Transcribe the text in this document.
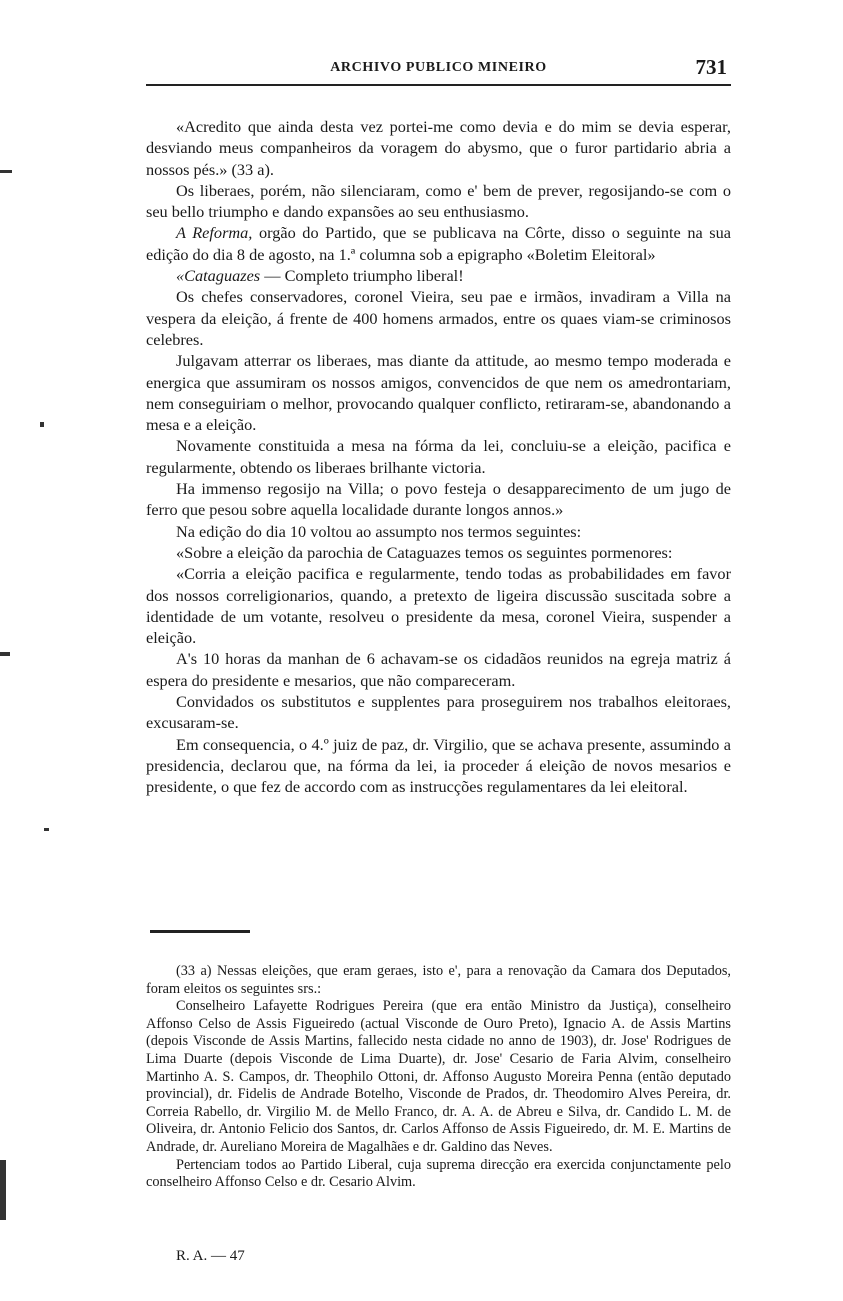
ARCHIVO PUBLICO MINEIRO	731

«Acredito que ainda desta vez portei-me como devia e do mim se devia esperar, desviando meus companheiros da voragem do abysmo, que o furor partidario abria a nossos pés.» (33 a).

Os liberaes, porém, não silenciaram, como e' bem de prever, regosijando-se com o seu bello triumpho e dando expansões ao seu enthusiasmo.

A Reforma, orgão do Partido, que se publicava na Côrte, disso o seguinte na sua edição do dia 8 de agosto, na 1.ª columna sob a epigrapho «Boletim Eleitoral»

«Cataguazes — Completo triumpho liberal!

Os chefes conservadores, coronel Vieira, seu pae e irmãos, invadiram a Villa na vespera da eleição, á frente de 400 homens armados, entre os quaes viam-se criminosos celebres.

Julgavam atterrar os liberaes, mas diante da attitude, ao mesmo tempo moderada e energica que assumiram os nossos amigos, convencidos de que nem os amedrontariam, nem conseguiriam o melhor, provocando qualquer conflicto, retiraram-se, abandonando a mesa e a eleição.

Novamente constituida a mesa na fórma da lei, concluiu-se a eleição, pacifica e regularmente, obtendo os liberaes brilhante victoria.

Ha immenso regosijo na Villa; o povo festeja o desapparecimento de um jugo de ferro que pesou sobre aquella localidade durante longos annos.»

Na edição do dia 10 voltou ao assumpto nos termos seguintes:

«Sobre a eleição da parochia de Cataguazes temos os seguintes pormenores:

«Corria a eleição pacifica e regularmente, tendo todas as probabilidades em favor dos nossos correligionarios, quando, a pretexto de ligeira discussão suscitada sobre a identidade de um votante, resolveu o presidente da mesa, coronel Vieira, suspender a eleição.

A's 10 horas da manhan de 6 achavam-se os cidadãos reunidos na egreja matriz á espera do presidente e mesarios, que não compareceram.

Convidados os substitutos e supplentes para proseguirem nos trabalhos eleitoraes, excusaram-se.

Em consequencia, o 4.º juiz de paz, dr. Virgilio, que se achava presente, assumindo a presidencia, declarou que, na fórma da lei, ia proceder á eleição de novos mesarios e presidente, o que fez de accordo com as instrucções regulamentares da lei eleitoral.

(33 a) Nessas eleições, que eram geraes, isto e', para a renovação da Camara dos Deputados, foram eleitos os seguintes srs.:

Conselheiro Lafayette Rodrigues Pereira (que era então Ministro da Justiça), conselheiro Affonso Celso de Assis Figueiredo (actual Visconde de Ouro Preto), Ignacio A. de Assis Martins (depois Visconde de Assis Martins, fallecido nesta cidade no anno de 1903), dr. Jose' Rodrigues de Lima Duarte (depois Visconde de Lima Duarte), dr. Jose' Cesario de Faria Alvim, conselheiro Martinho A. S. Campos, dr. Theophilo Ottoni, dr. Affonso Augusto Moreira Penna (então deputado provincial), dr. Fidelis de Andrade Botelho, Visconde de Prados, dr. Theodomiro Alves Pereira, dr. Correia Rabello, dr. Virgilio M. de Mello Franco, dr. A. A. de Abreu e Silva, dr. Candido L. M. de Oliveira, dr. Antonio Felicio dos Santos, dr. Carlos Affonso de Assis Figueiredo, dr. M. E. Martins de Andrade, dr. Aureliano Moreira de Magalhães e dr. Galdino das Neves.

Pertenciam todos ao Partido Liberal, cuja suprema direcção era exercida conjunctamente pelo conselheiro Affonso Celso e dr. Cesario Alvim.

R. A. — 47
